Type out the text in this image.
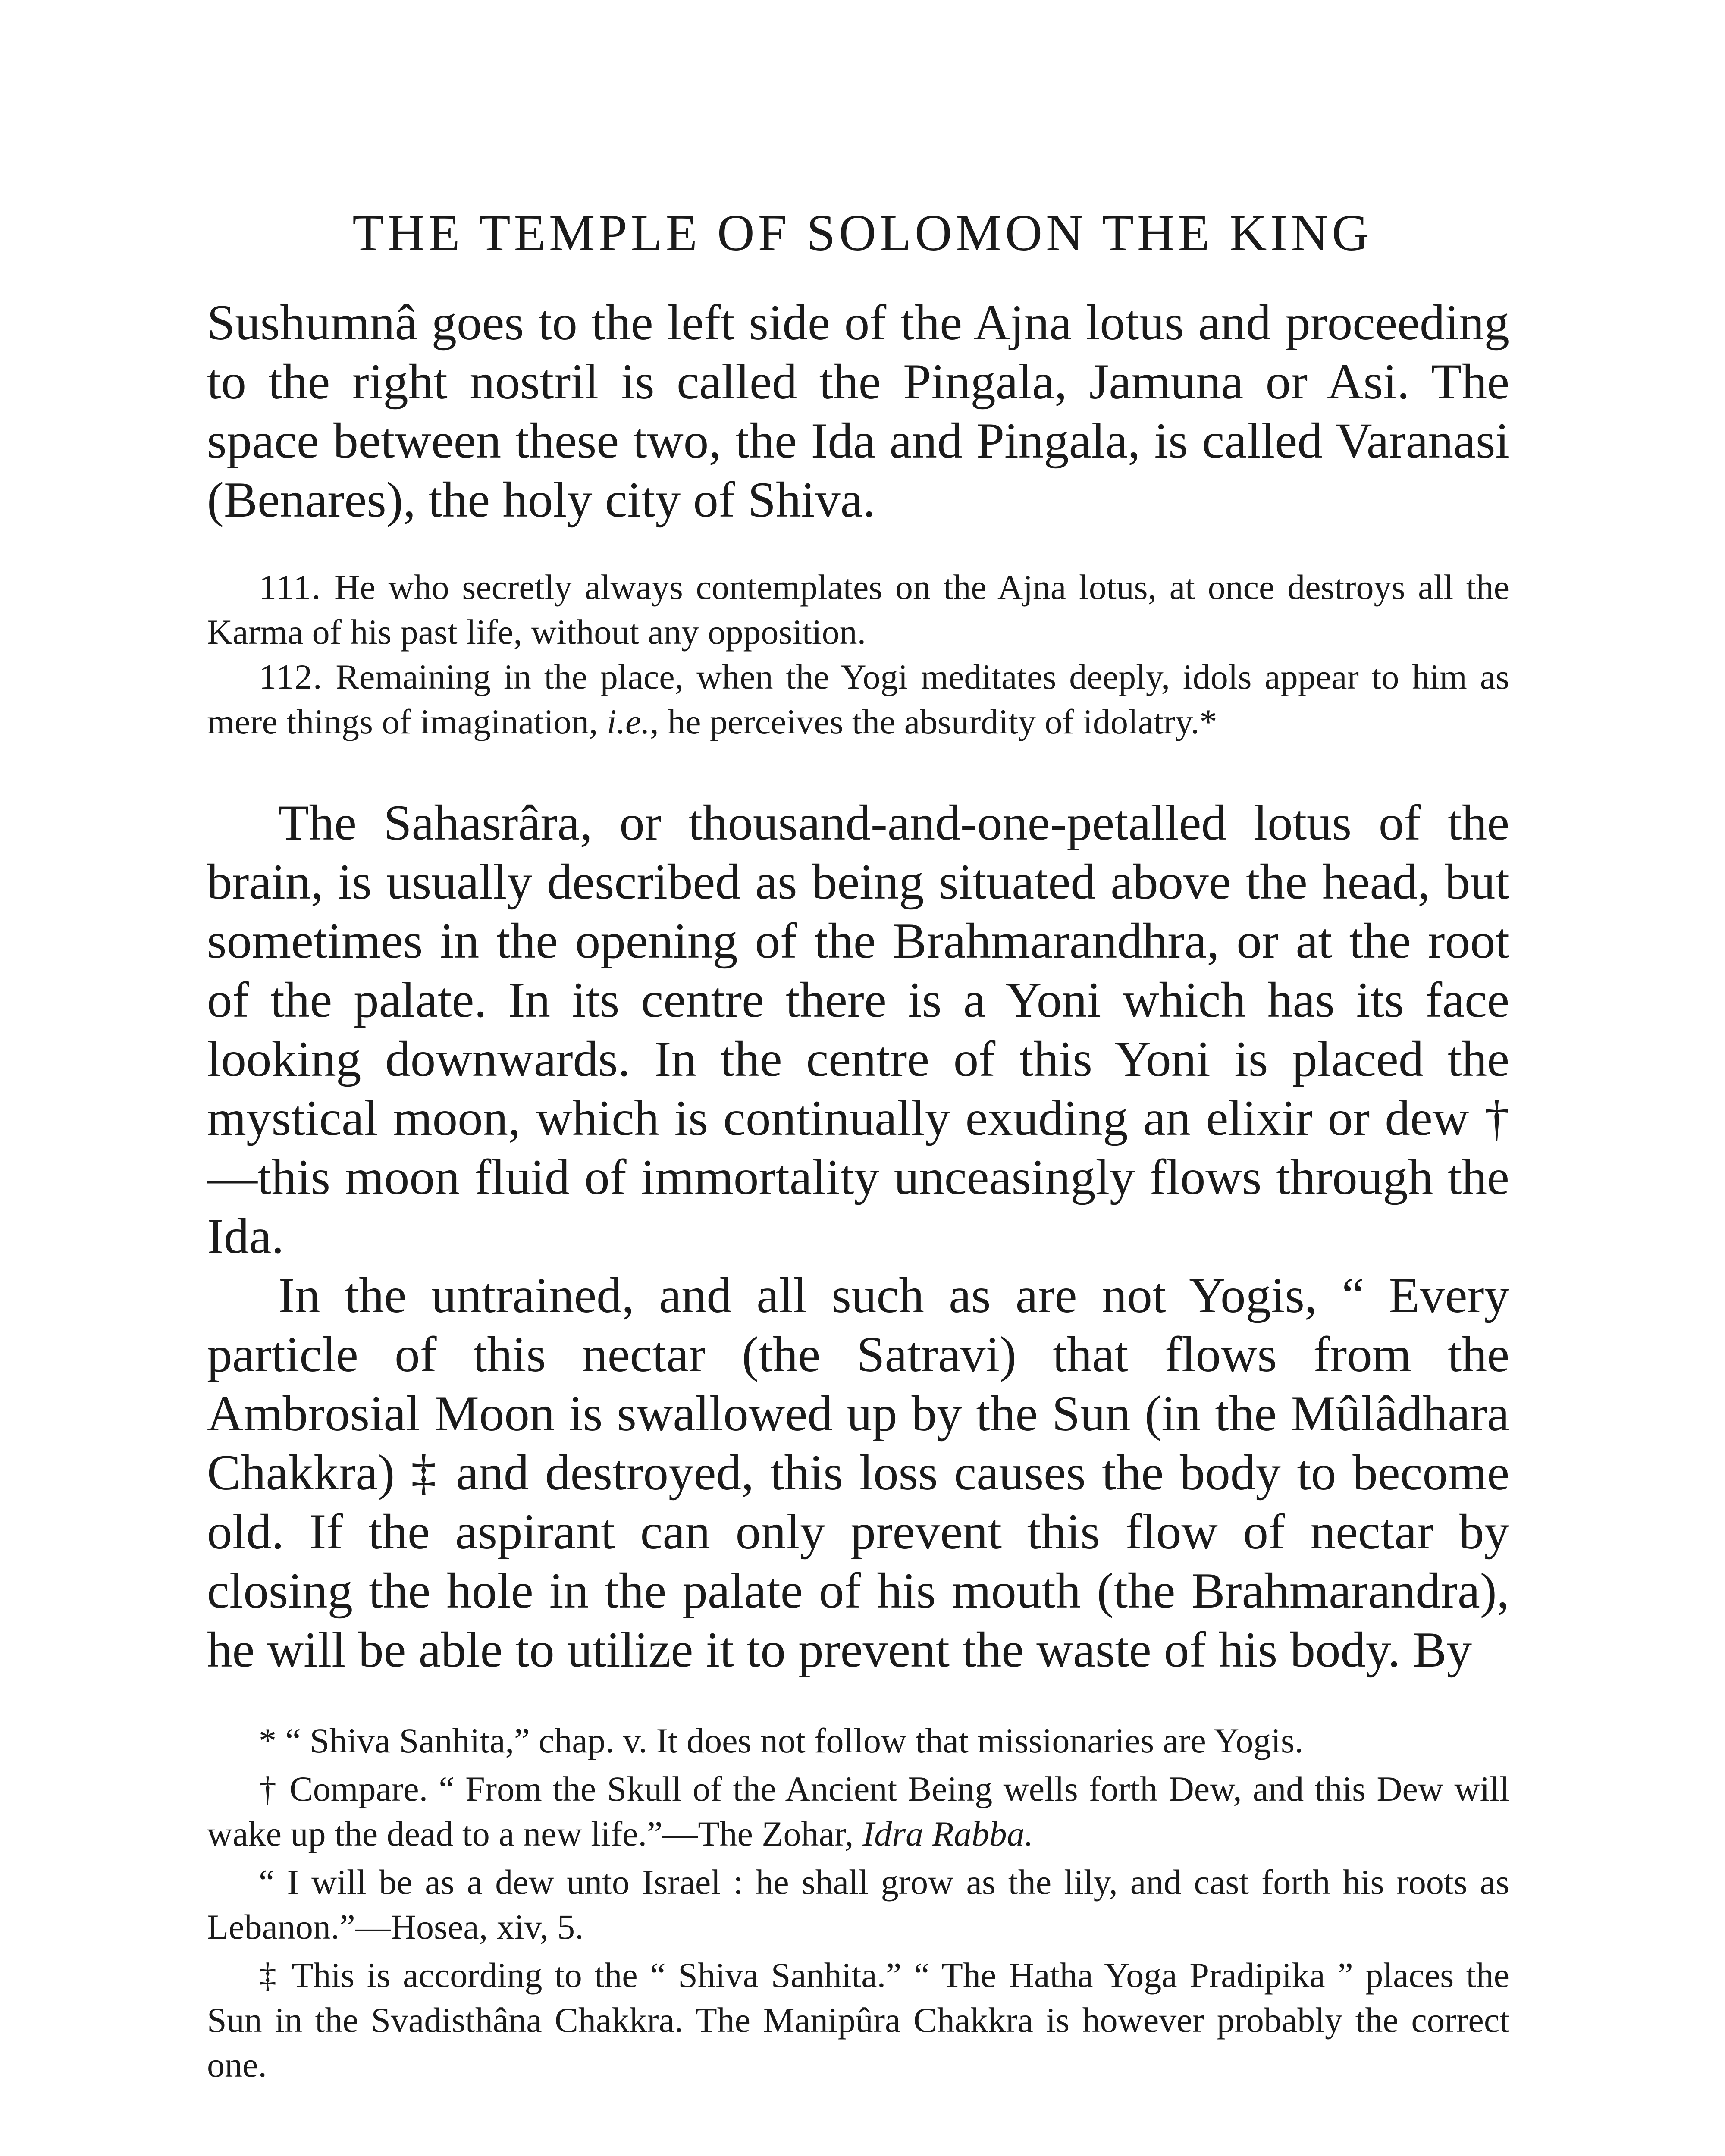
THE TEMPLE OF SOLOMON THE KING

Sushumnâ goes to the left side of the Ajna lotus and proceeding to the right nostril is called the Pingala, Jamuna or Asi. The space between these two, the Ida and Pingala, is called Varanasi (Benares), the holy city of Shiva.

111. He who secretly always contemplates on the Ajna lotus, at once destroys all the Karma of his past life, without any opposition.

112. Remaining in the place, when the Yogi meditates deeply, idols appear to him as mere things of imagination, i.e., he perceives the absurdity of idolatry.*

The Sahasrâra, or thousand-and-one-petalled lotus of the brain, is usually described as being situated above the head, but sometimes in the opening of the Brahmarandhra, or at the root of the palate. In its centre there is a Yoni which has its face looking downwards. In the centre of this Yoni is placed the mystical moon, which is continually exuding an elixir or dew †—this moon fluid of immortality unceasingly flows through the Ida.

In the untrained, and all such as are not Yogis, “ Every particle of this nectar (the Satravi) that flows from the Ambrosial Moon is swallowed up by the Sun (in the Mûlâdhara Chakkra) ‡ and destroyed, this loss causes the body to become old. If the aspirant can only prevent this flow of nectar by closing the hole in the palate of his mouth (the Brahmarandra), he will be able to utilize it to prevent the waste of his body. By

* “ Shiva Sanhita,” chap. v. It does not follow that missionaries are Yogis.

† Compare. “ From the Skull of the Ancient Being wells forth Dew, and this Dew will wake up the dead to a new life.”—The Zohar, Idra Rabba.

“ I will be as a dew unto Israel : he shall grow as the lily, and cast forth his roots as Lebanon.”—Hosea, xiv, 5.

‡ This is according to the “ Shiva Sanhita.” “ The Hatha Yoga Pradipika ” places the Sun in the Svadisthâna Chakkra. The Manipûra Chakkra is however probably the correct one.
